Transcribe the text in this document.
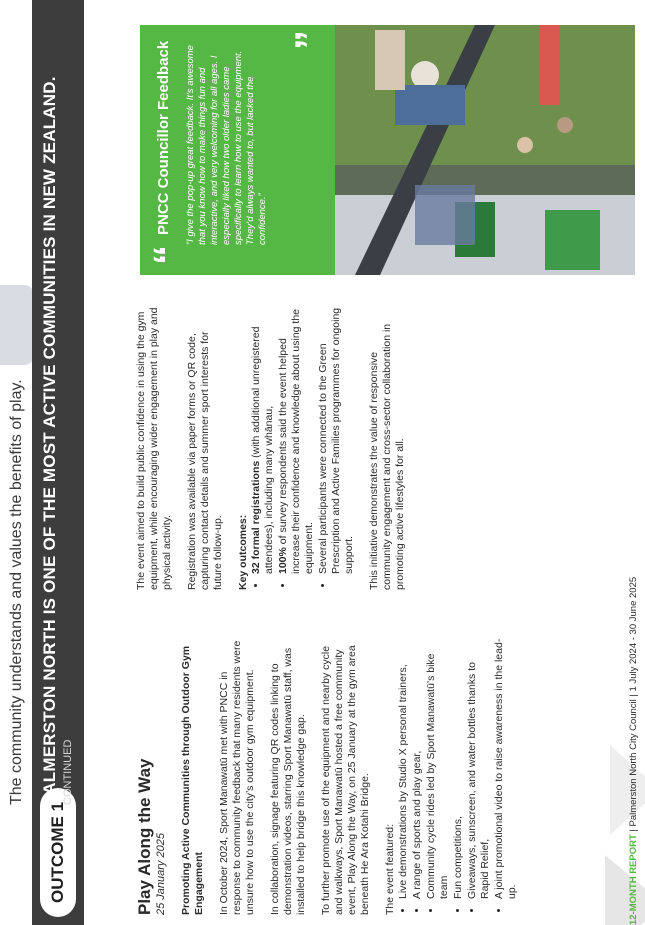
The community understands and values the benefits of play.
OUTCOME 1
PALMERSTON NORTH IS ONE OF THE MOST ACTIVE COMMUNITIES IN NEW ZEALAND. CONTINUED	Play Along the Way 25 January 2025 Promoting Active Communities through Outdoor Gym Engagement In October 2024, Sport Manawatū met with PNCC in response to community feedback that many residents were unsure how to use the city’s outdoor gym equipment. In collaboration, signage featuring QR codes linking to demonstration videos, starring Sport Manawatū staff, was installed to help bridge this knowledge gap. To further promote use of the equipment and nearby cycle and walkways, Sport Manawatū hosted a free community event, Play Along the Way, on 25 January at the gym area beneath He Ara Kotahi Bridge. The event featured: • Live demonstrations by Studio X personal trainers, • A range of sports and play gear, • Community cycle rides led by Sport Manawatū’s bike team • Fun competitions, • Giveaways, sunscreen, and water bottles thanks to Rapid Relief, • A joint promotional video to raise awareness in the lead-up.

The event aimed to build public confidence in using the gym equipment, while encouraging wider engagement in play and physical activity. Registration was available via paper forms or QR code, capturing contact details and summer sport interests for future follow-up. Key outcomes: • 32 formal registrations (with additional unregistered attendees), including many whānau, • 100% of survey respondents said the event helped increase their confidence and knowledge about using the equipment. • Several participants were connected to the Green Prescription and Active Families programmes for ongoing support. This initiative demonstrates the value of responsive community engagement and cross-sector collaboration in promoting active lifestyles for all.

“
PNCC Councillor Feedback “I give the pop-up great feedback. It’s awesome that you know how to make things fun and interactive, and very welcoming for all ages. I especially liked how two older ladies came specifically to learn how to use the equipment. They’d always wanted to, but lacked the confidence.”
”
12-MONTH REPORT | Palmerston North City Council | 1 July 2024 - 30 June 2025
